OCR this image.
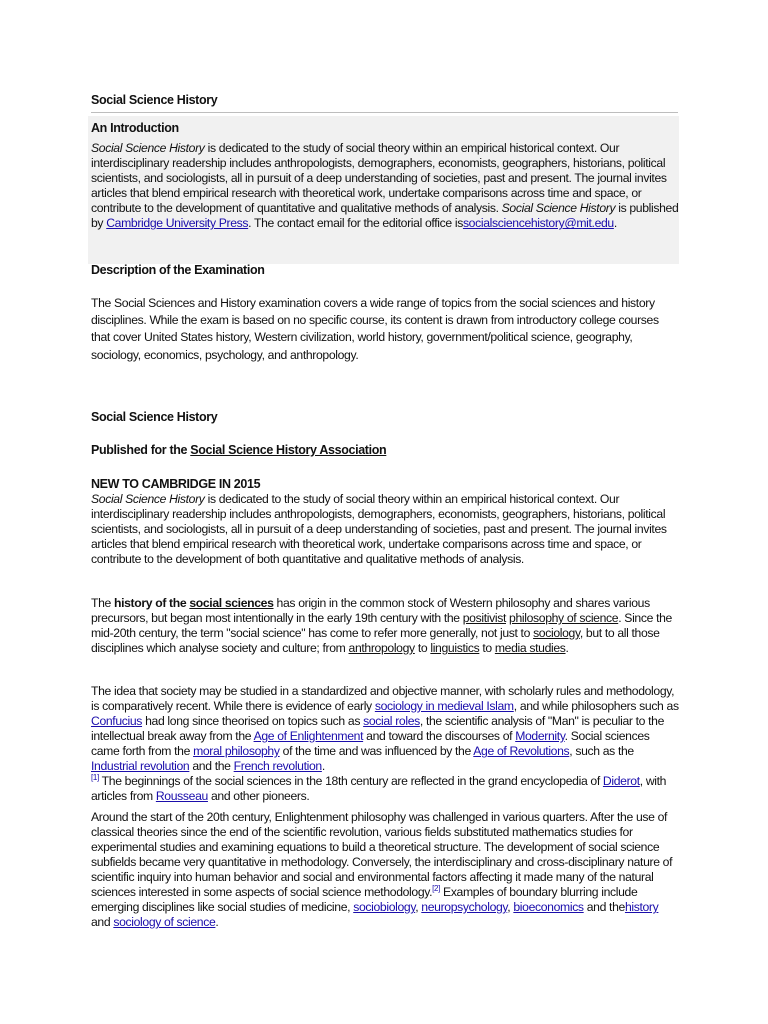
Social Science History
An Introduction

Social Science History is dedicated to the study of social theory within an empirical historical context. Our interdisciplinary readership includes anthropologists, demographers, economists, geographers, historians, political scientists, and sociologists, all in pursuit of a deep understanding of societies, past and present. The journal invites articles that blend empirical research with theoretical work, undertake comparisons across time and space, or contribute to the development of quantitative and qualitative methods of analysis. Social Science History is published by Cambridge University Press. The contact email for the editorial office issocialsciencehistory@mit.edu.

Description of the Examination

The Social Sciences and History examination covers a wide range of topics from the social sciences and history disciplines. While the exam is based on no specific course, its content is drawn from introductory college courses that cover United States history, Western civilization, world history, government/political science, geography, sociology, economics, psychology, and anthropology.

Social Science History
Published for the Social Science History Association
NEW TO CAMBRIDGE IN 2015

Social Science History is dedicated to the study of social theory within an empirical historical context. Our interdisciplinary readership includes anthropologists, demographers, economists, geographers, historians, political scientists, and sociologists, all in pursuit of a deep understanding of societies, past and present. The journal invites articles that blend empirical research with theoretical work, undertake comparisons across time and space, or contribute to the development of both quantitative and qualitative methods of analysis.

The history of the social sciences has origin in the common stock of Western philosophy and shares various precursors, but began most intentionally in the early 19th century with the positivist philosophy of science. Since the mid-20th century, the term "social science" has come to refer more generally, not just to sociology, but to all those disciplines which analyse society and culture; from anthropology to linguistics to media studies.

The idea that society may be studied in a standardized and objective manner, with scholarly rules and methodology, is comparatively recent. While there is evidence of early sociology in medieval Islam, and while philosophers such as Confucius had long since theorised on topics such as social roles, the scientific analysis of "Man" is peculiar to the intellectual break away from the Age of Enlightenment and toward the discourses of Modernity. Social sciences came forth from the moral philosophy of the time and was influenced by the Age of Revolutions, such as the Industrial revolution and the French revolution.
[1] The beginnings of the social sciences in the 18th century are reflected in the grand encyclopedia of Diderot, with articles from Rousseau and other pioneers.

Around the start of the 20th century, Enlightenment philosophy was challenged in various quarters. After the use of classical theories since the end of the scientific revolution, various fields substituted mathematics studies for experimental studies and examining equations to build a theoretical structure. The development of social science subfields became very quantitative in methodology. Conversely, the interdisciplinary and cross-disciplinary nature of scientific inquiry into human behavior and social and environmental factors affecting it made many of the natural sciences interested in some aspects of social science methodology.[2] Examples of boundary blurring include emerging disciplines like social studies of medicine, sociobiology, neuropsychology, bioeconomics and thehistory and sociology of science.
